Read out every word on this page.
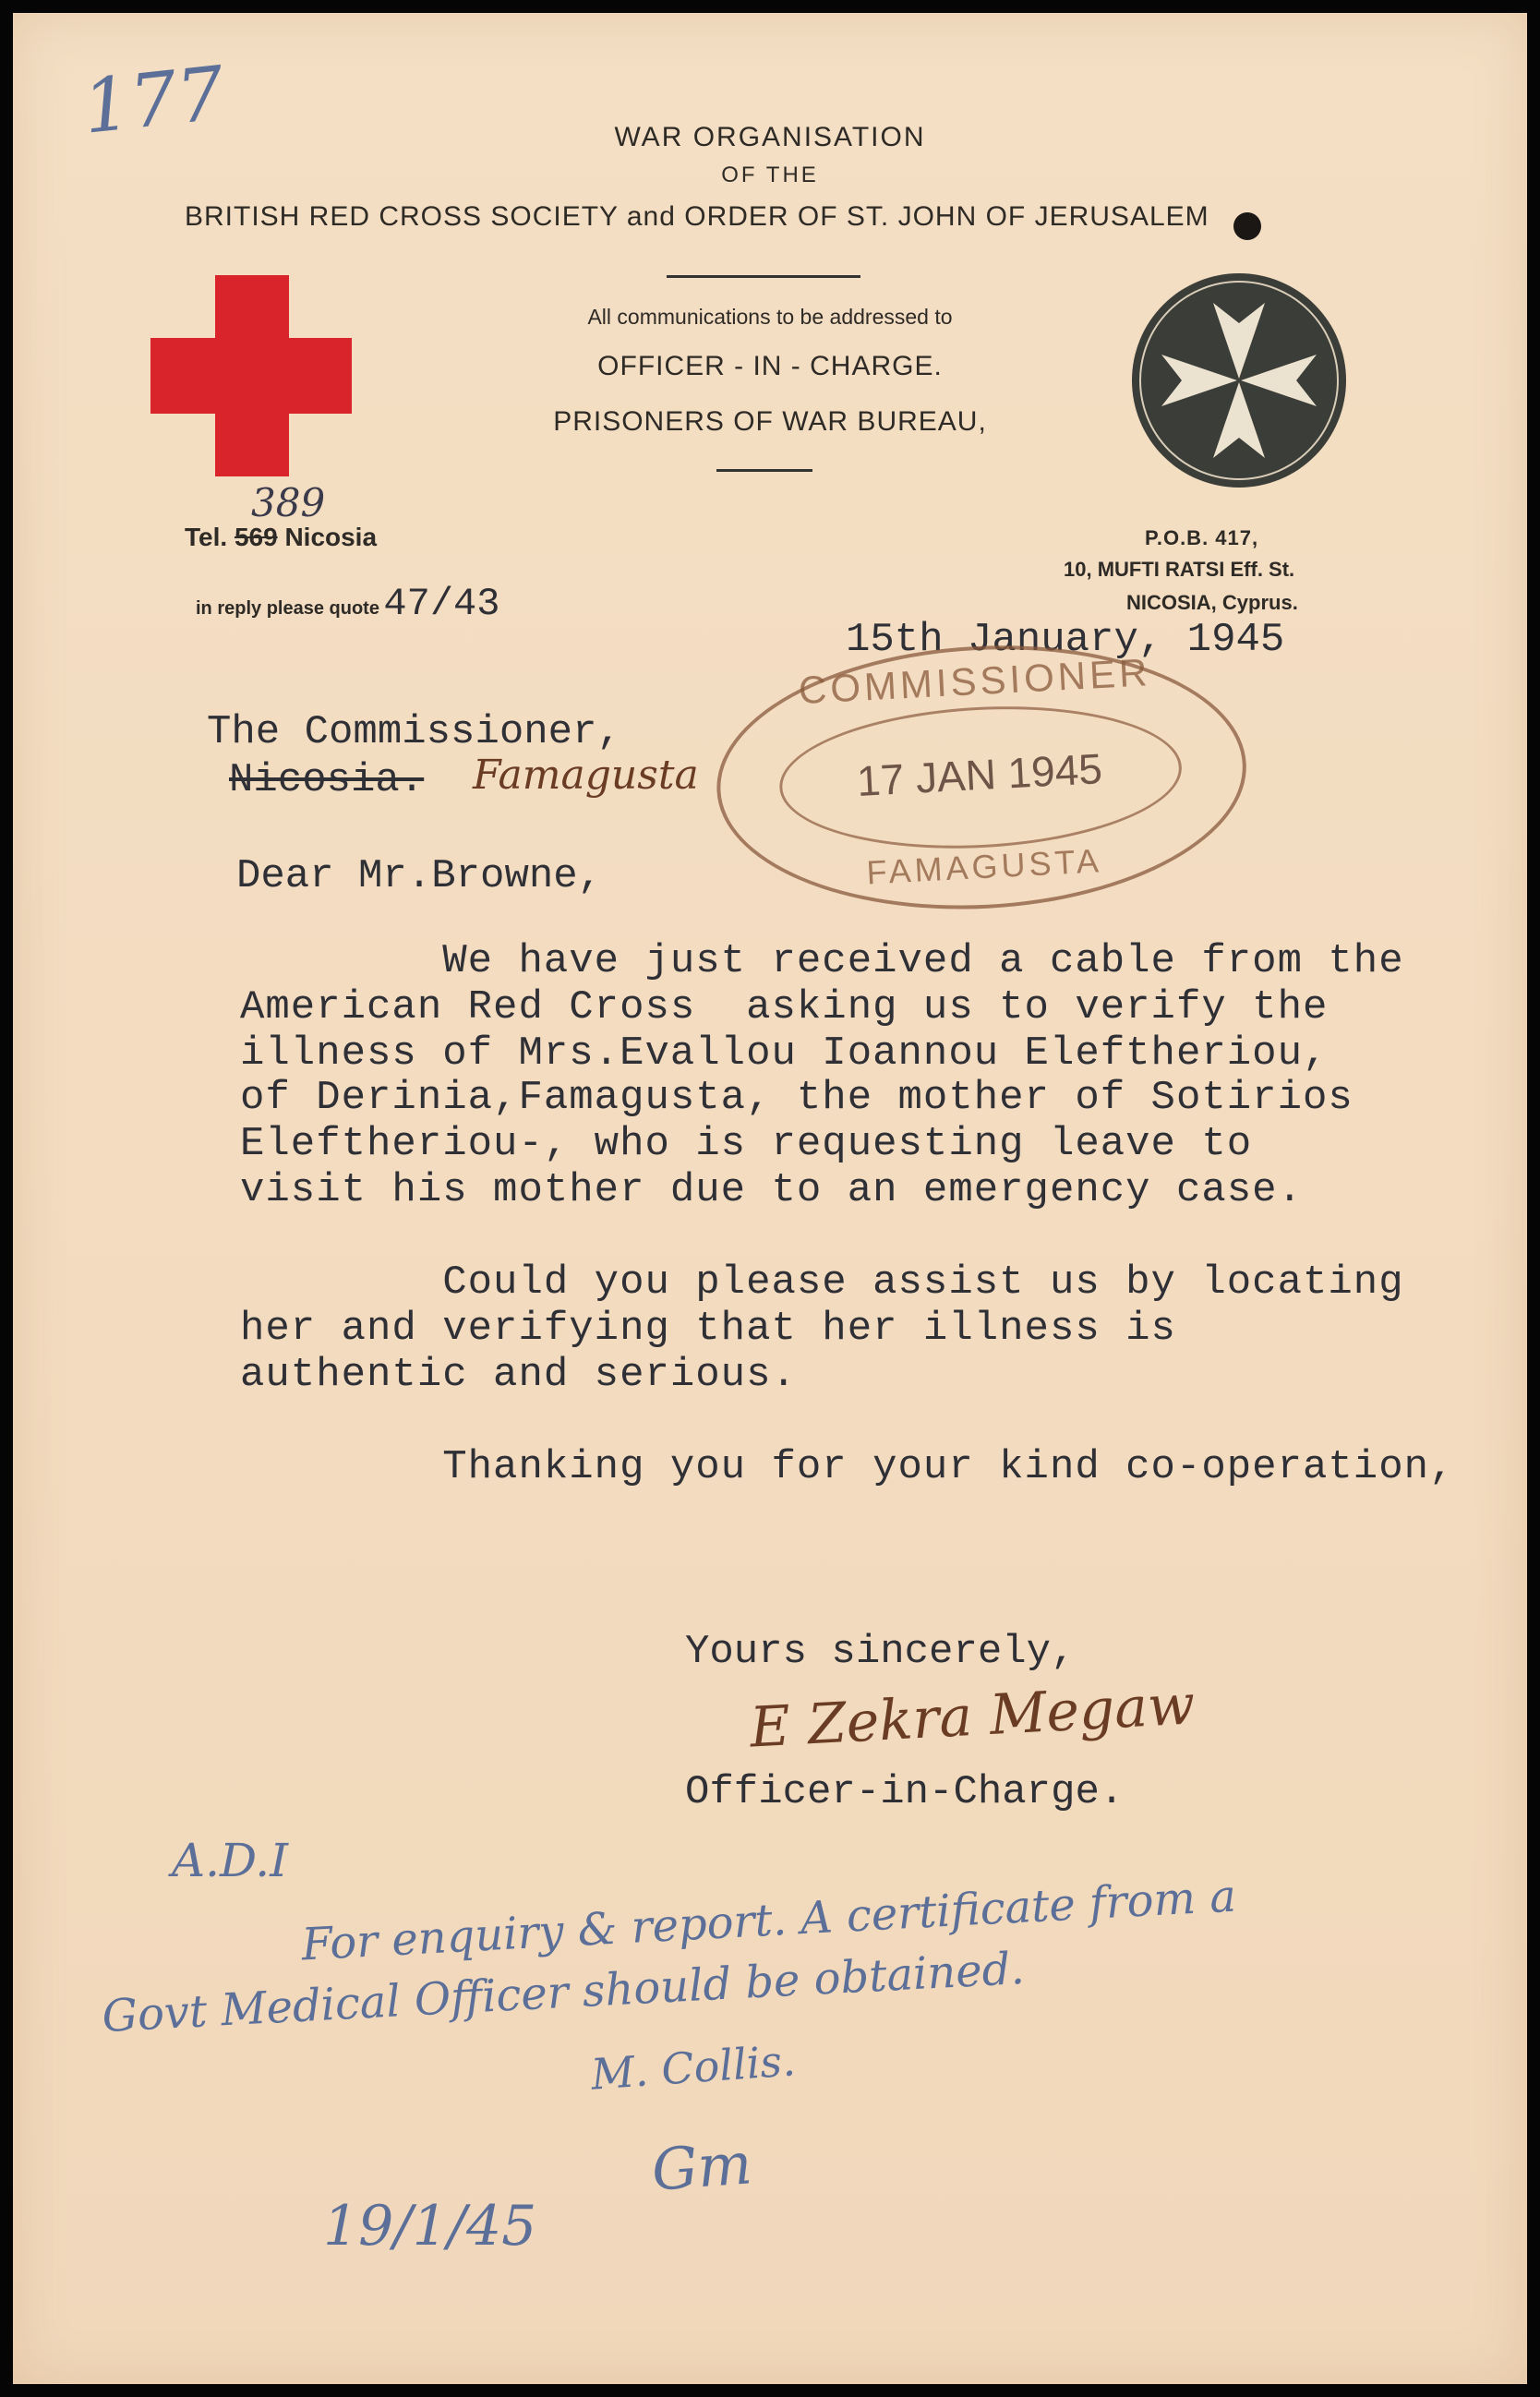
177	WAR ORGANISATION
OF THE
BRITISH RED CROSS SOCIETY and ORDER OF ST. JOHN OF JERUSALEM
All communications to be addressed to
OFFICER - IN - CHARGE.
PRISONERS OF WAR BUREAU,
Tel. 569 Nicosia
389
in reply please quote 47/43
P.O.B. 417,
10, MUFTI RATSI Eff. St.
NICOSIA, Cyprus.
15th January, 1945
COMMISSIONER
17 JAN 1945
FAMAGUSTA
The Commissioner,
Nicosia. Famagusta
Dear Mr.Browne,
We have just received a cable from the
American Red Cross  asking us to verify the
illness of Mrs.Evallou Ioannou Eleftheriou,
of Derinia,Famagusta, the mother of Sotirios
Eleftheriou-, who is requesting leave to
visit his mother due to an emergency case.
Could you please assist us by locating
her and verifying that her illness is
authentic and serious.
Thanking you for your kind co-operation,
Yours sincerely,
E Zekra Megaw
Officer-in-Charge.
A.D.I
For enquiry & report. A certificate from a
Govt Medical Officer should be obtained.
M. Collis.
Gm
19/1/45
